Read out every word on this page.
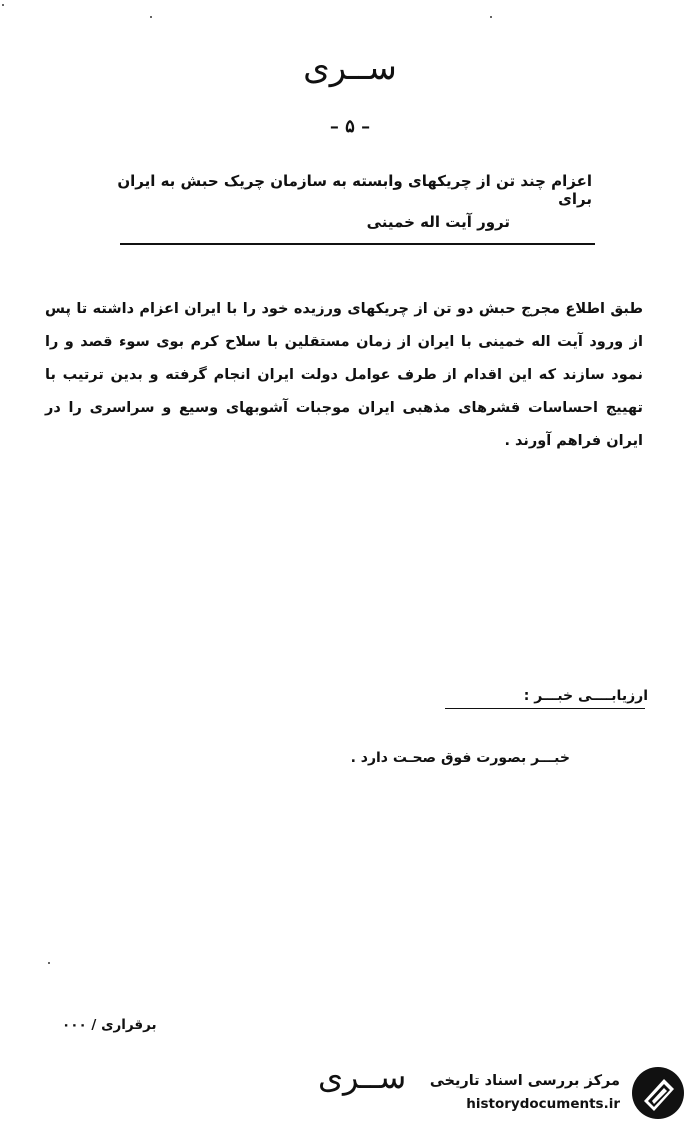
ســری
– ۵ –
اعزام چند تن از چریکهای وابسته به سازمان چریک حبش به ایران برای
ترور آیت اله خمینی
طبق اطلاع مجرج حبش دو تن از چریکهای ورزیده خود را با ایران اعزام داشته تا پس از ورود آیت اله خمینی با ایران از زمان مستقلین با سلاح کرم بوی سوء قصد و را نمود سازند که این اقدام از طرف عوامل دولت ایران انجام گرفته و بدین ترتیب با تهییج احساسات قشرهای مذهبی ایران موجبات آشوبهای وسیع و سراسری را در ایران فراهم آورند .
ارزیابــــی خبـــر :
خبـــر بصورت فوق صحـت دارد .
برقراری / ۰۰۰
ســری	مرکز بررسی اسناد تاریخی
historydocuments.ir
